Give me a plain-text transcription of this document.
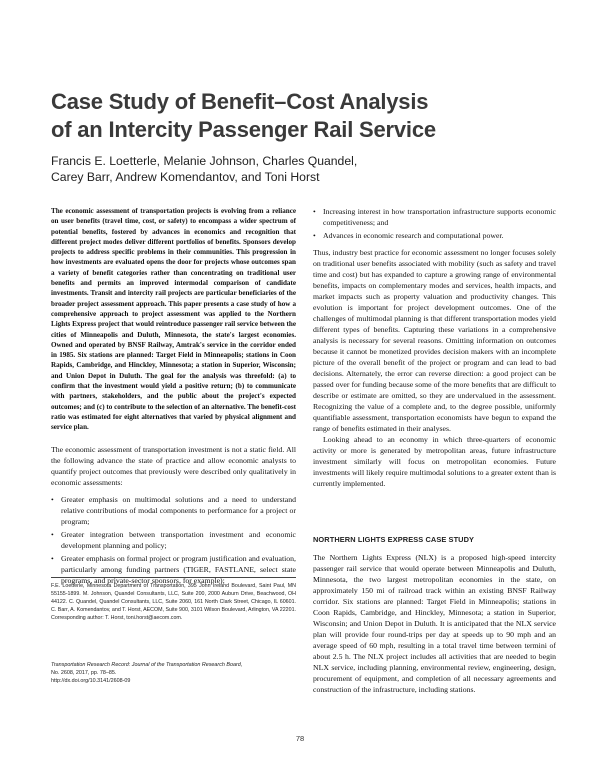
Case Study of Benefit–Cost Analysis
of an Intercity Passenger Rail Service
Francis E. Loetterle, Melanie Johnson, Charles Quandel,
Carey Barr, Andrew Komendantov, and Toni Horst
The economic assessment of transportation projects is evolving from a reliance on user benefits (travel time, cost, or safety) to encompass a wider spectrum of potential benefits, fostered by advances in economics and recognition that different project modes deliver different portfolios of benefits. Sponsors develop projects to address specific problems in their communities. This progression in how investments are evaluated opens the door for projects whose outcomes span a variety of benefit categories rather than concentrating on traditional user benefits and permits an improved intermodal comparison of candidate investments. Transit and intercity rail projects are particular beneficiaries of the broader project assessment approach. This paper presents a case study of how a comprehensive approach to project assessment was applied to the Northern Lights Express project that would reintroduce passenger rail service between the cities of Minneapolis and Duluth, Minnesota, the state's largest economies. Owned and operated by BNSF Railway, Amtrak's service in the corridor ended in 1985. Six stations are planned: Target Field in Minneapolis; stations in Coon Rapids, Cambridge, and Hinckley, Minnesota; a station in Superior, Wisconsin; and Union Depot in Duluth. The goal for the analysis was threefold: (a) to confirm that the investment would yield a positive return; (b) to communicate with partners, stakeholders, and the public about the project's expected outcomes; and (c) to contribute to the selection of an alternative. The benefit-cost ratio was estimated for eight alternatives that varied by physical alignment and service plan.

The economic assessment of transportation investment is not a static field. All the following advance the state of practice and allow economic analysts to quantify project outcomes that previously were described only qualitatively in economic assessments:

• Greater emphasis on multimodal solutions and a need to understand relative contributions of modal components to performance for a project or program;
• Greater integration between transportation investment and economic development planning and policy;
• Greater emphasis on formal project or program justification and evaluation, particularly among funding partners (TIGER, FASTLANE, select state programs, and private-sector sponsors, for example);
F.E. Loetterle, Minnesota Department of Transportation, 395 John Ireland Boulevard, Saint Paul, MN 55155-1899. M. Johnson, Quandel Consultants, LLC, Suite 200, 2000 Auburn Drive, Beachwood, OH 44122. C. Quandel, Quandel Consultants, LLC, Suite 2060, 161 North Clark Street, Chicago, IL 60601. C. Barr, A. Komendantov, and T. Horst, AECOM, Suite 900, 3101 Wilson Boulevard, Arlington, VA 22201. Corresponding author: T. Horst, toni.horst@aecom.com.
Transportation Research Record: Journal of the Transportation Research Board,
No. 2608, 2017, pp. 78–85.
http://dx.doi.org/10.3141/2608-09
• Increasing interest in how transportation infrastructure supports economic competitiveness; and
• Advances in economic research and computational power.

Thus, industry best practice for economic assessment no longer focuses solely on traditional user benefits associated with mobility (such as safety and travel time and cost) but has expanded to capture a growing range of environmental benefits, impacts on complementary modes and services, health impacts, and market impacts such as property valuation and productivity changes. This evolution is important for project development outcomes. One of the challenges of multimodal planning is that different transportation modes yield different types of benefits. Capturing these variations in a comprehensive analysis is necessary for several reasons. Omitting information on outcomes because it cannot be monetized provides decision makers with an incomplete picture of the overall benefit of the project or program and can lead to bad decisions. Alternately, the error can reverse direction: a good project can be passed over for funding because some of the more benefits that are difficult to describe or estimate are omitted, so they are undervalued in the assessment. Recognizing the value of a complete and, to the degree possible, uniformly quantifiable assessment, transportation economists have begun to expand the range of benefits estimated in their analyses.

Looking ahead to an economy in which three-quarters of economic activity or more is generated by metropolitan areas, future infrastructure investment similarly will focus on metropolitan economies. Future investments will likely require multimodal solutions to a greater extent than is currently implemented.

NORTHERN LIGHTS EXPRESS CASE STUDY
The Northern Lights Express (NLX) is a proposed high-speed intercity passenger rail service that would operate between Minneapolis and Duluth, Minnesota, the two largest metropolitan economies in the state, on approximately 150 mi of railroad track within an existing BNSF Railway corridor. Six stations are planned: Target Field in Minneapolis; stations in Coon Rapids, Cambridge, and Hinckley, Minnesota; a station in Superior, Wisconsin; and Union Depot in Duluth. It is anticipated that the NLX service plan will provide four round-trips per day at speeds up to 90 mph and an average speed of 60 mph, resulting in a total travel time between termini of about 2.5 h. The NLX project includes all activities that are needed to begin NLX service, including planning, environmental review, engineering, design, procurement of equipment, and completion of all necessary agreements and construction of the infrastructure, including stations.
78
